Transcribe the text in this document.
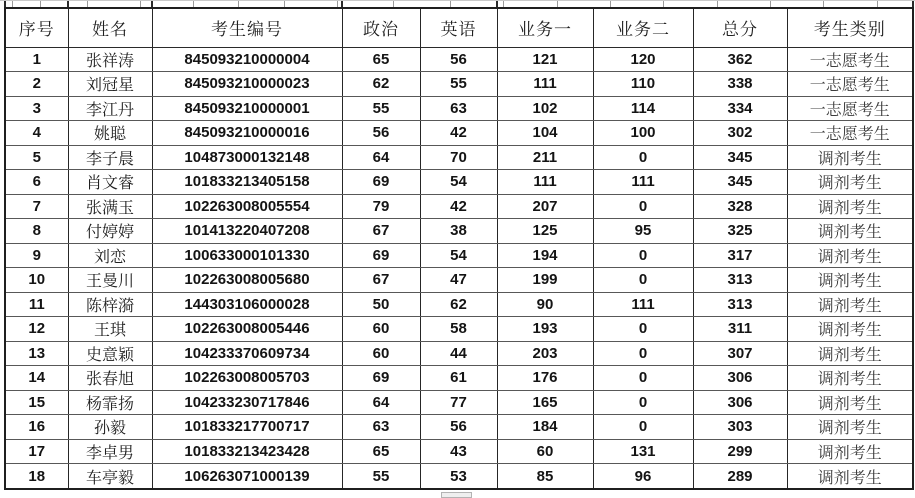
序号	姓名	考生编号	政治	英语	业务一	业务二	总分	考生类别
1	张祥涛	845093210000004	65	56	121	120	362	一志愿考生
2	刘冠星	845093210000023	62	55	111	110	338	一志愿考生
3	李江丹	845093210000001	55	63	102	114	334	一志愿考生
4	姚聪	845093210000016	56	42	104	100	302	一志愿考生
5	李子晨	104873000132148	64	70	211	0	345	调剂考生
6	肖文睿	101833213405158	69	54	111	111	345	调剂考生
7	张满玉	102263008005554	79	42	207	0	328	调剂考生
8	付婷婷	101413220407208	67	38	125	95	325	调剂考生
9	刘恋	100633000101330	69	54	194	0	317	调剂考生
10	王曼川	102263008005680	67	47	199	0	313	调剂考生
11	陈梓漪	144303106000028	50	62	90	111	313	调剂考生
12	王琪	102263008005446	60	58	193	0	311	调剂考生
13	史意颖	104233370609734	60	44	203	0	307	调剂考生
14	张春旭	102263008005703	69	61	176	0	306	调剂考生
15	杨霏扬	104233230717846	64	77	165	0	306	调剂考生
16	孙毅	101833217700717	63	56	184	0	303	调剂考生
17	李卓男	101833213423428	65	43	60	131	299	调剂考生
18	车亭毅	106263071000139	55	53	85	96	289	调剂考生
